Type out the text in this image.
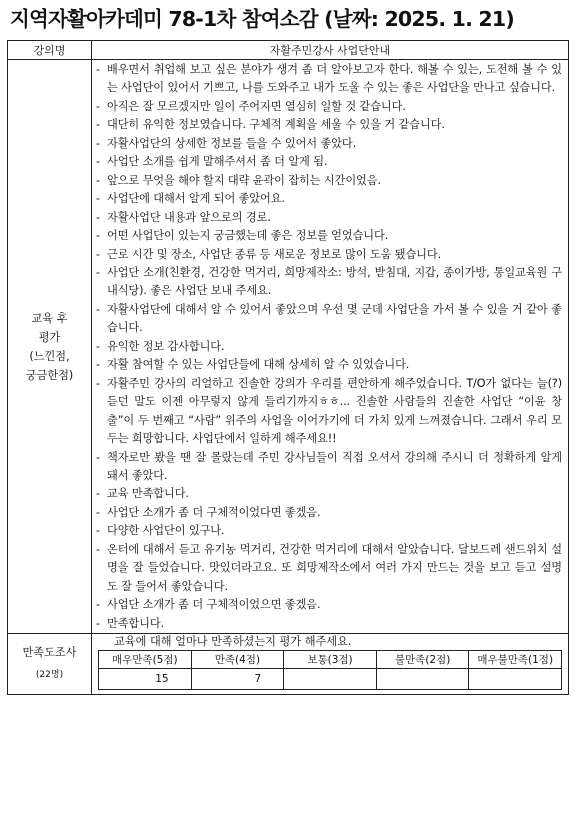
지역자활아카데미 78-1차 참여소감 (날짜: 2025. 1. 21)
강의명	자활주민강사 사업단안내

교육 후
평가
(느낀점,
궁금한점)

- 배우면서 취업해 보고 싶은 분야가 생겨 좀 더 알아보고자 한다. 해볼 수 있는, 도전해 볼 수 있는 사업단이 있어서 기쁘고, 나를 도와주고 내가 도울 수 있는 좋은 사업단을 만나고 싶습니다.
- 아직은 잘 모르겠지만 일이 주어지면 열심히 일할 것 같습니다.
- 대단히 유익한 정보였습니다. 구체적 계획을 세울 수 있을 거 같습니다.
- 자활사업단의 상세한 정보를 들을 수 있어서 좋았다.
- 사업단 소개를 쉽게 말해주셔서 좀 더 알게 됨.
- 앞으로 무엇을 해야 할지 대략 윤곽이 잡히는 시간이었음.
- 사업단에 대해서 알게 되어 좋았어요.
- 자활사업단 내용과 앞으로의 경로.
- 어떤 사업단이 있는지 궁금했는데 좋은 정보를 얻었습니다.
- 근로 시간 및 장소, 사업단 종류 등 새로운 정보로 많이 도움 됐습니다.
- 사업단 소개(친환경, 건강한 먹거리, 희망제작소: 방석, 받침대, 지갑, 종이가방, 통일교육원 구내식당). 좋은 사업단 보내 주세요.
- 자활사업단에 대해서 알 수 있어서 좋았으며 우선 몇 군데 사업단을 가서 볼 수 있을 거 같아 좋습니다.
- 유익한 정보 감사합니다.
- 자활 참여할 수 있는 사업단들에 대해 상세히 알 수 있었습니다.
- 자활주민 강사의 리얼하고 진솔한 강의가 우리를 편안하게 해주었습니다. T/O가 없다는 늘(?) 듣던 말도 이젠 아무렇지 않게 들리기까지ㅎㅎ... 진솔한 사람들의 진솔한 사업단 “이윤 창출”이 두 번째고 “사람” 위주의 사업을 이어가기에 더 가치 있게 느껴졌습니다. 그래서 우리 모두는 희망합니다. 사업단에서 일하게 해주세요!!
- 책자로만 봤을 땐 잘 몰랐는데 주민 강사님들이 직접 오셔서 강의해 주시니 더 정확하게 알게 돼서 좋았다.
- 교육 만족합니다.
- 사업단 소개가 좀 더 구체적이었다면 좋겠음.
- 다양한 사업단이 있구나.
- 온터에 대해서 듣고 유기농 먹거리, 건강한 먹거리에 대해서 알았습니다. 달보드레 샌드위치 설명을 잘 들었습니다. 맛있더라고요. 또 희망제작소에서 여러 가지 만드는 것을 보고 듣고 설명도 잘 들어서 좋았습니다.
- 사업단 소개가 좀 더 구체적이었으면 좋겠음.
- 만족합니다.

만족도조사
(22명)

교육에 대해 얼마나 만족하셨는지 평가 해주세요.
매우만족(5점)	만족(4점)	보통(3점)	불만족(2점)	매우불만족(1점)
15	7			
